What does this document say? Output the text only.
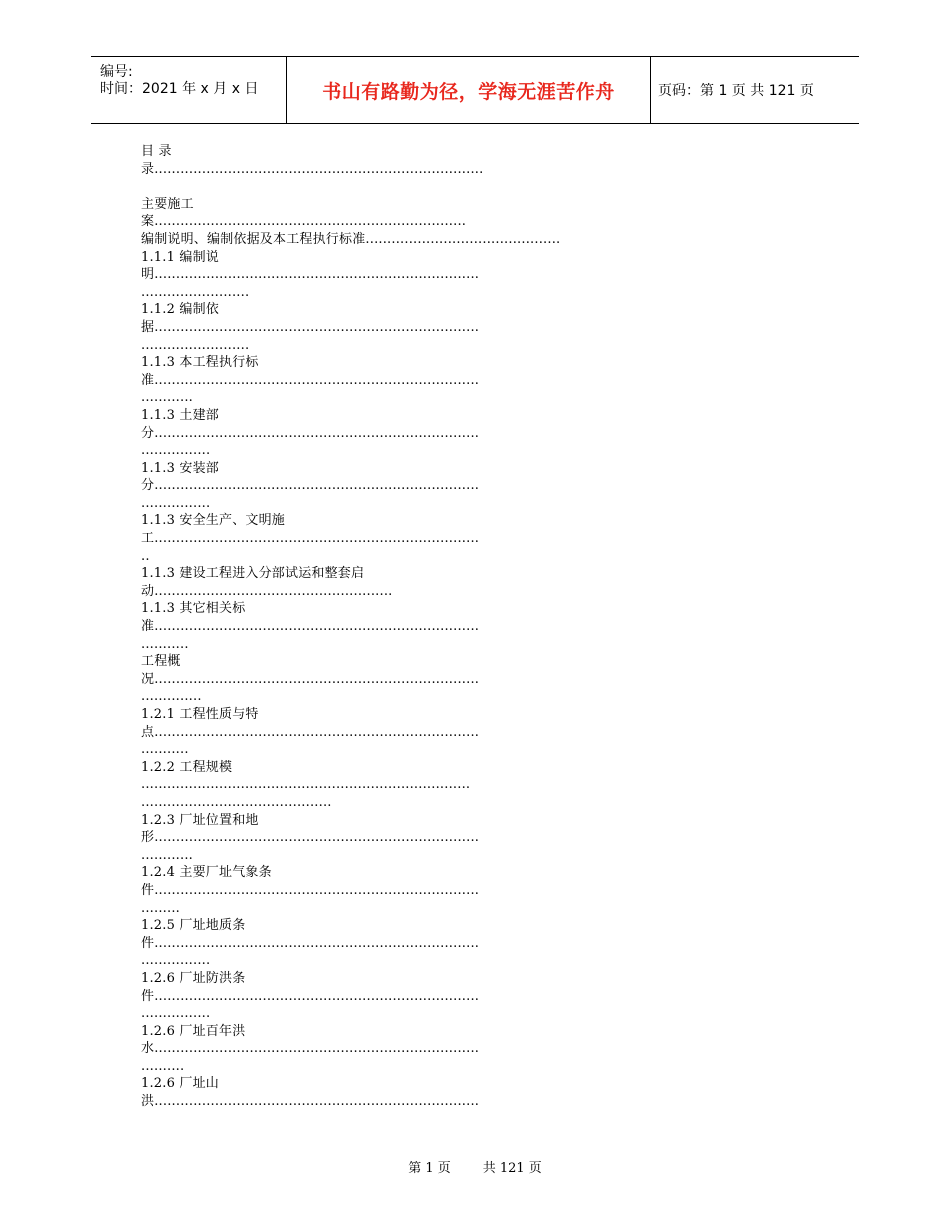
编号:
时间：2021 年 x 月 x 日	书山有路勤为径，学海无涯苦作舟	页码：第 1 页 共 121 页
目 录
录............................................................................
主要施工
案........................................................................
编制说明、编制依据及本工程执行标准.............................................
1.1.1 编制说
明...........................................................................
.........................
1.1.2 编制依
据...........................................................................
.........................
1.1.3 本工程执行标
准...........................................................................
............
1.1.3 土建部
分...........................................................................
................
1.1.3 安装部
分...........................................................................
................
1.1.3 安全生产、文明施
工...........................................................................
..
1.1.3 建设工程进入分部试运和整套启
动.......................................................
1.1.3 其它相关标
准...........................................................................
...........
工程概
况...........................................................................
..............
1.2.1 工程性质与特
点...........................................................................
...........
1.2.2 工程规模
............................................................................
............................................
1.2.3 厂址位置和地
形...........................................................................
............
1.2.4 主要厂址气象条
件...........................................................................
.........
1.2.5 厂址地质条
件...........................................................................
................
1.2.6 厂址防洪条
件...........................................................................
................
1.2.6 厂址百年洪
水...........................................................................
..........
1.2.6 厂址山
洪...........................................................................
第 1 页 共 121 页
